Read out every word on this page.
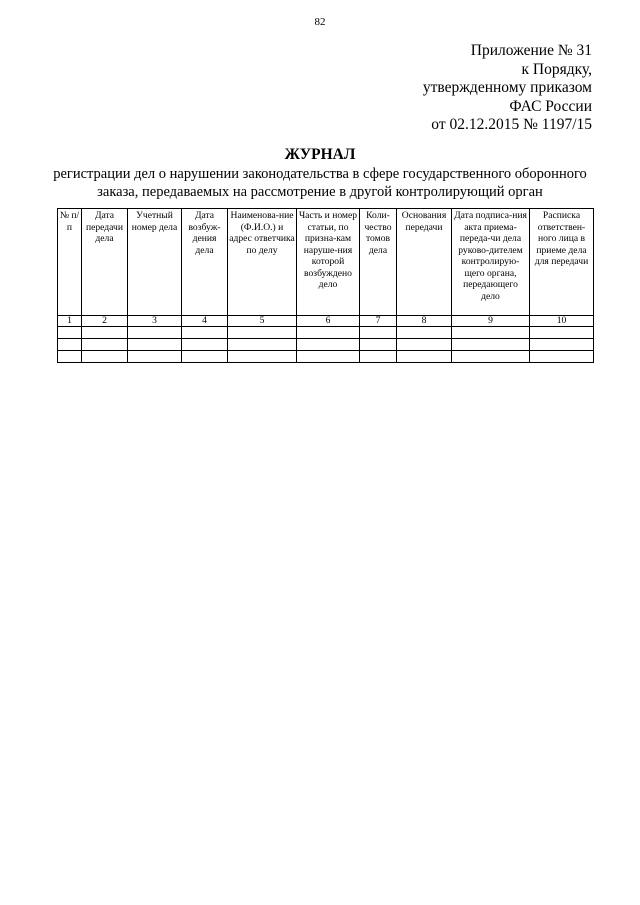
82
Приложение № 31
к Порядку,
утвержденному приказом
ФАС России
от 02.12.2015 № 1197/15
ЖУРНАЛ
регистрации дел о нарушении законодательства в сфере государственного оборонного
заказа, передаваемых на рассмотрение в другой контролирующий орган
№ п/п	Дата передачи дела	Учетный номер дела	Дата возбуж-дения дела	Наименова-ние (Ф.И.О.) и адрес ответчика по делу	Часть и номер статьи, по призна-кам наруше-ния которой возбуждено дело	Коли-чество томов дела	Основания передачи	Дата подписа-ния акта приема-переда-чи дела руково-дителем контролирую-щего органа, передающего дело	Расписка ответствен-ного лица в приеме дела для передачи
1	2	3	4	5	6	7	8	9	10
